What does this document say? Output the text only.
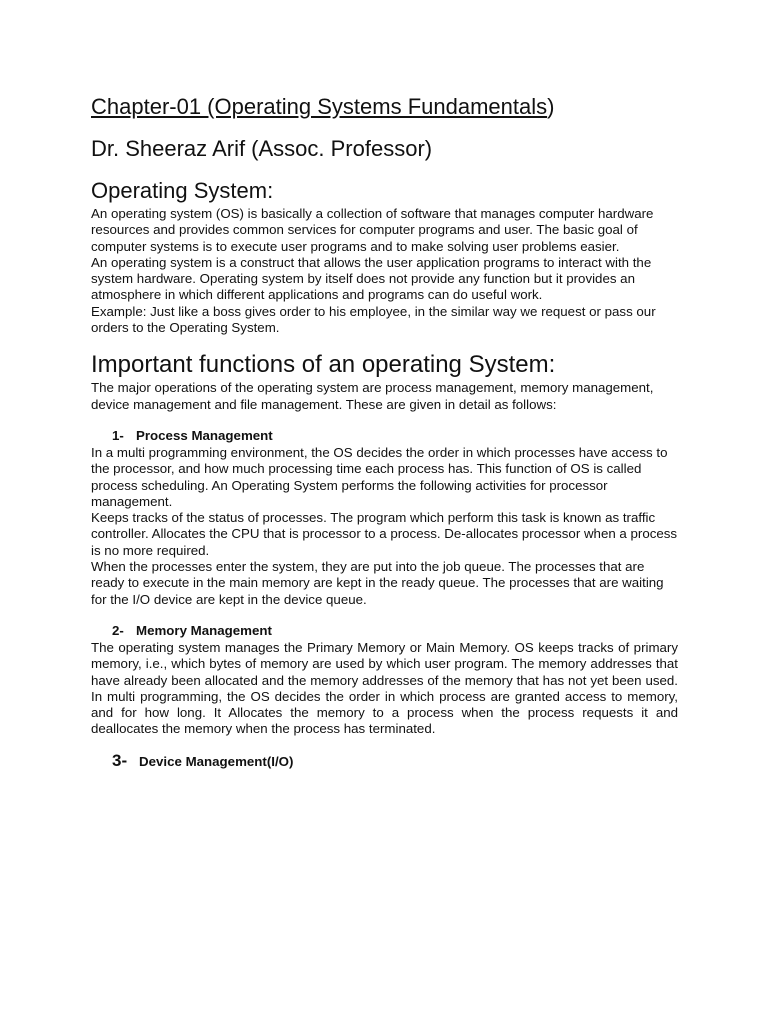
Chapter-01 (Operating Systems Fundamentals)
Dr. Sheeraz Arif (Assoc. Professor)
Operating System:

An operating system (OS) is basically a collection of software that manages computer hardware resources and provides common services for computer programs and user. The basic goal of computer systems is to execute user programs and to make solving user problems easier.

An operating system is a construct that allows the user application programs to interact with the system hardware. Operating system by itself does not provide any function but it provides an atmosphere in which different applications and programs can do useful work.

Example: Just like a boss gives order to his employee, in the similar way we request or pass our orders to the Operating System.

Important functions of an operating System:

The major operations of the operating system are process management, memory management, device management and file management. These are given in detail as follows:

1- Process Management

In a multi programming environment, the OS decides the order in which processes have access to the processor, and how much processing time each process has. This function of OS is called process scheduling. An Operating System performs the following activities for processor management.

Keeps tracks of the status of processes. The program which perform this task is known as traffic controller. Allocates the CPU that is processor to a process. De-allocates processor when a process is no more required.

When the processes enter the system, they are put into the job queue. The processes that are ready to execute in the main memory are kept in the ready queue. The processes that are waiting for the I/O device are kept in the device queue.

2- Memory Management

The operating system manages the Primary Memory or Main Memory. OS keeps tracks of primary memory, i.e., which bytes of memory are used by which user program. The memory addresses that have already been allocated and the memory addresses of the memory that has not yet been used. In multi programming, the OS decides the order in which process are granted access to memory, and for how long. It Allocates the memory to a process when the process requests it and deallocates the memory when the process has terminated.

3- Device Management(I/O)
